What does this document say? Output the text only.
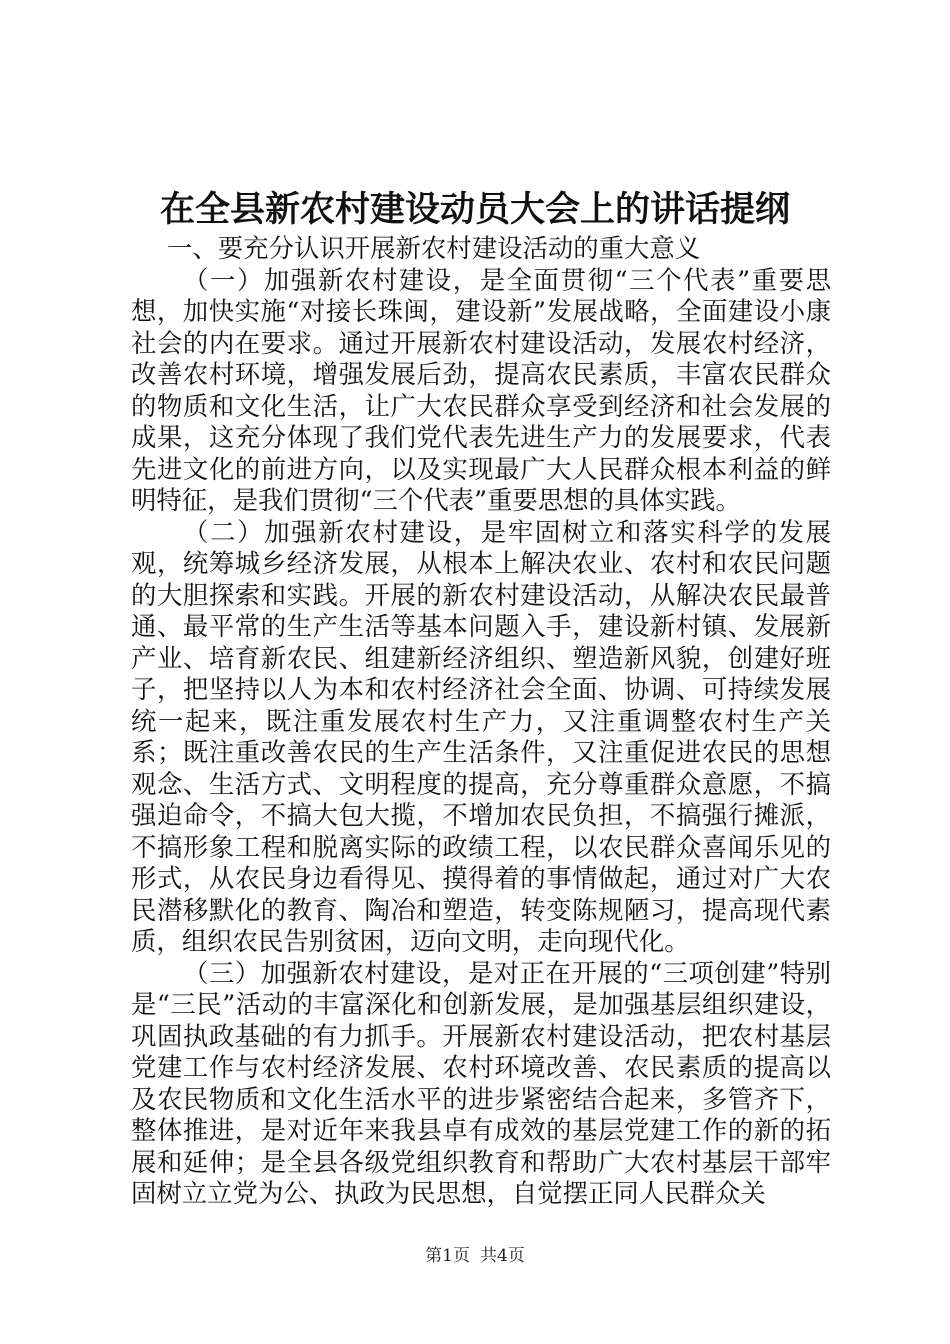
在全县新农村建设动员大会上的讲话提纲

一、要充分认识开展新农村建设活动的重大意义

（一）加强新农村建设，是全面贯彻“三个代表”重要思想，加快实施“对接长珠闽，建设新”发展战略，全面建设小康社会的内在要求。通过开展新农村建设活动，发展农村经济，改善农村环境，增强发展后劲，提高农民素质，丰富农民群众的物质和文化生活，让广大农民群众享受到经济和社会发展的成果，这充分体现了我们党代表先进生产力的发展要求，代表先进文化的前进方向，以及实现最广大人民群众根本利益的鲜明特征，是我们贯彻“三个代表”重要思想的具体实践。

（二）加强新农村建设，是牢固树立和落实科学的发展观，统筹城乡经济发展，从根本上解决农业、农村和农民问题的大胆探索和实践。开展的新农村建设活动，从解决农民最普通、最平常的生产生活等基本问题入手，建设新村镇、发展新产业、培育新农民、组建新经济组织、塑造新风貌，创建好班子，把坚持以人为本和农村经济社会全面、协调、可持续发展统一起来，既注重发展农村生产力，又注重调整农村生产关系；既注重改善农民的生产生活条件，又注重促进农民的思想观念、生活方式、文明程度的提高，充分尊重群众意愿，不搞强迫命令，不搞大包大揽，不增加农民负担，不搞强行摊派，不搞形象工程和脱离实际的政绩工程，以农民群众喜闻乐见的形式，从农民身边看得见、摸得着的事情做起，通过对广大农民潜移默化的教育、陶冶和塑造，转变陈规陋习，提高现代素质，组织农民告别贫困，迈向文明，走向现代化。

（三）加强新农村建设，是对正在开展的“三项创建”特别是“三民”活动的丰富深化和创新发展，是加强基层组织建设，巩固执政基础的有力抓手。开展新农村建设活动，把农村基层党建工作与农村经济发展、农村环境改善、农民素质的提高以及农民物质和文化生活水平的进步紧密结合起来，多管齐下，整体推进，是对近年来我县卓有成效的基层党建工作的新的拓展和延伸；是全县各级党组织教育和帮助广大农村基层干部牢固树立立党为公、执政为民思想，自觉摆正同人民群众关

第1页 共4页
